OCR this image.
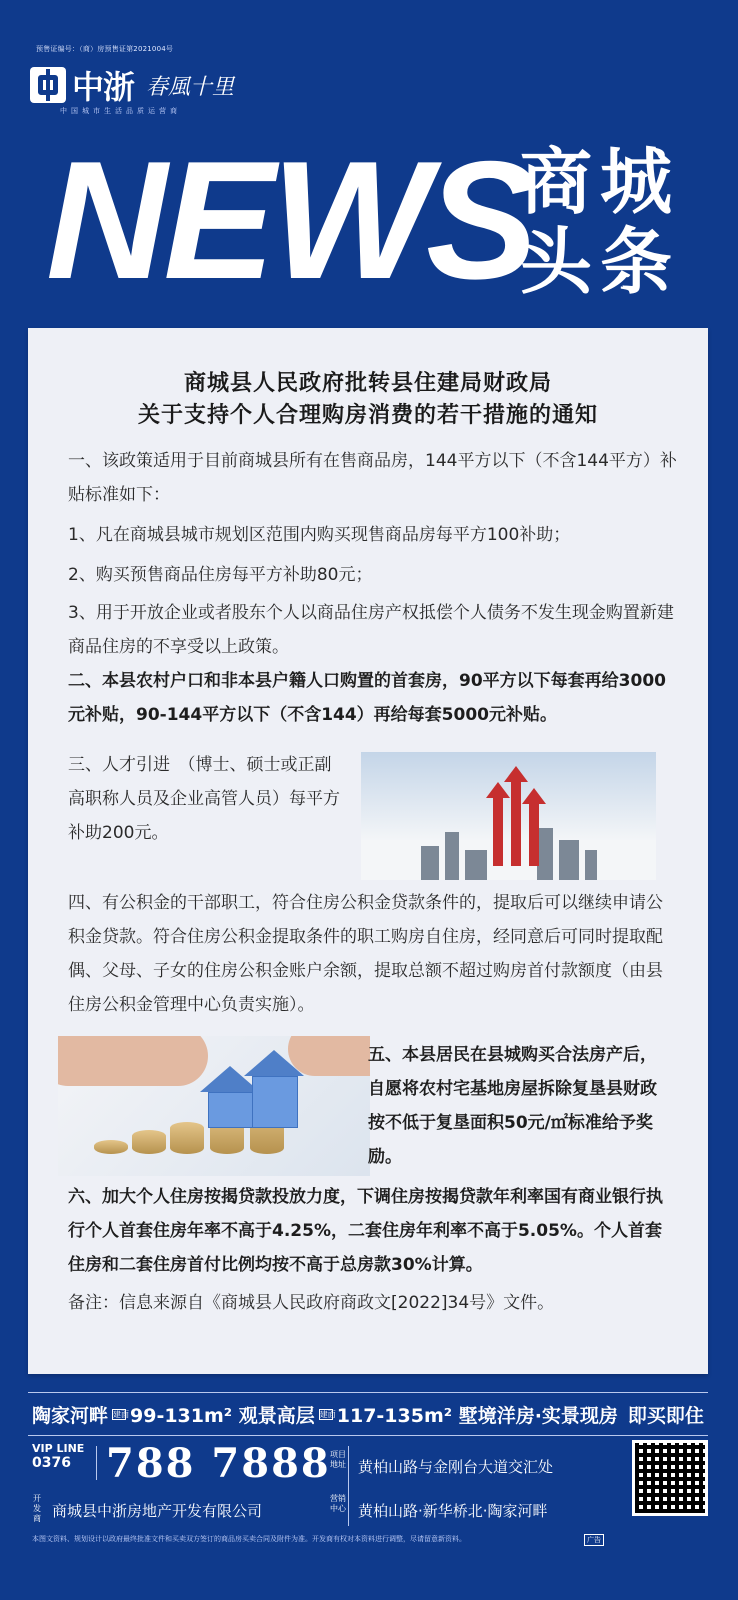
预售证编号：（商）房预售证第2021004号
中浙 春風十里
中国城市生活品质运营商
NEWS
商城
头条
商城县人民政府批转县住建局财政局
关于支持个人合理购房消费的若干措施的通知
一、该政策适用于目前商城县所有在售商品房，144平方以下（不含144平方）补贴标准如下：
1、凡在商城县城市规划区范围内购买现售商品房每平方100补助；
2、购买预售商品住房每平方补助80元；
3、用于开放企业或者股东个人以商品住房产权抵偿个人债务不发生现金购置新建商品住房的不享受以上政策。
二、本县农村户口和非本县户籍人口购置的首套房，90平方以下每套再给3000元补贴，90-144平方以下（不含144）再给每套5000元补贴。
三、人才引进　（博士、硕士或正副高职称人员及企业高管人员）每平方补助200元。
四、有公积金的干部职工，符合住房公积金贷款条件的，提取后可以继续申请公积金贷款。符合住房公积金提取条件的职工购房自住房，经同意后可同时提取配偶、父母、子女的住房公积金账户余额，提取总额不超过购房首付款额度（由县住房公积金管理中心负责实施）。
五、本县居民在县城购买合法房产后，自愿将农村宅基地房屋拆除复垦县财政按不低于复垦面积50元/㎡标准给予奖励。
六、加大个人住房按揭贷款投放力度，下调住房按揭贷款年利率国有商业银行执行个人首套住房年率不高于4.25%，二套住房年利率不高于5.05%。个人首套住房和二套住房首付比例均按不高于总房款30%计算。
备注：信息来源自《商城县人民政府商政文[2022]34号》文件。
陶家河畔 建面 99-131m² 观景高层 建面 117-135m² 墅境洋房·实景现房 即买即住
VIP LINE
0376 788 7888 项目地址 黄柏山路与金刚台大道交汇处
开发商 商城县中浙房地产开发有限公司
营销中心 黄柏山路·新华桥北·陶家河畔
本图文资料、规划设计以政府最终批准文件和买卖双方签订的商品房买卖合同及附件为准。开发商有权对本资料进行调整，尽请留意新资料。	广告
